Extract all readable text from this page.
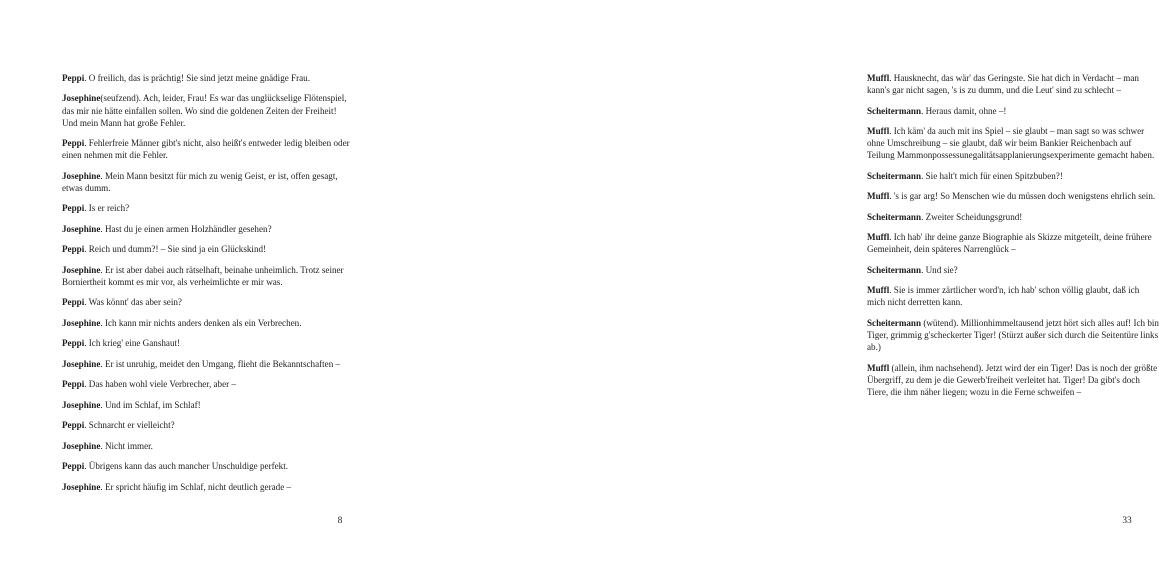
Peppi. O freilich, das is prächtig! Sie sind jetzt meine gnädige Frau.

Josephine(seufzend). Ach, leider, Frau! Es war das unglückselige Flötenspiel, das mir nie hätte einfallen sollen. Wo sind die goldenen Zeiten der Freiheit! Und mein Mann hat große Fehler.

Peppi. Fehlerfreie Männer gibt's nicht, also heißt's entweder ledig bleiben oder einen nehmen mit die Fehler.

Josephine. Mein Mann besitzt für mich zu wenig Geist, er ist, offen gesagt, etwas dumm.

Peppi. Is er reich?

Josephine. Hast du je einen armen Holzhändler gesehen?

Peppi. Reich und dumm?! – Sie sind ja ein Glückskind!

Josephine. Er ist aber dabei auch rätselhaft, beinahe unheimlich. Trotz seiner Borniertheit kommt es mir vor, als verheimlichte er mir was.

Peppi. Was könnt' das aber sein?

Josephine. Ich kann mir nichts anders denken als ein Verbrechen.

Peppi. Ich krieg' eine Ganshaut!

Josephine. Er ist unruhig, meidet den Umgang, flieht die Bekanntschaften –

Peppi. Das haben wohl viele Verbrecher, aber –

Josephine. Und im Schlaf, im Schlaf!

Peppi. Schnarcht er vielleicht?

Josephine. Nicht immer.

Peppi. Übrigens kann das auch mancher Unschuldige perfekt.

Josephine. Er spricht häufig im Schlaf, nicht deutlich gerade –

8

Muffl. Hausknecht, das wär' das Geringste. Sie hat dich in Verdacht – man kann's gar nicht sagen, 's is zu dumm, und die Leut' sind zu schlecht –

Scheitermann. Heraus damit, ohne –!

Muffl. Ich käm' da auch mit ins Spiel – sie glaubt – man sagt so was schwer ohne Umschreibung – sie glaubt, daß wir beim Bankier Reichenbach auf Teilung Mammonpossessunegalitätsapplanierungsexperimente gemacht haben.

Scheitermann. Sie halt't mich für einen Spitzbuben?!

Muffl. 's is gar arg! So Menschen wie du müssen doch wenigstens ehrlich sein.

Scheitermann. Zweiter Scheidungsgrund!

Muffl. Ich hab' ihr deine ganze Biographie als Skizze mitgeteilt, deine frühere Gemeinheit, dein späteres Narrenglück –

Scheitermann. Und sie?

Muffl. Sie is immer zärtlicher word'n, ich hab' schon völlig glaubt, daß ich mich nicht derretten kann.

Scheitermann (wütend). Millionhimmeltausend jetzt hört sich alles auf! Ich bin Tiger, grimmig g'scheckerter Tiger! (Stürzt außer sich durch die Seitentüre links ab.)

Muffl (allein, ihm nachsehend). Jetzt wird der ein Tiger! Das is noch der größte Übergriff, zu dem je die Gewerb'freiheit verleitet hat. Tiger! Da gibt's doch Tiere, die ihm näher liegen; wozu in die Ferne schweifen –

33
